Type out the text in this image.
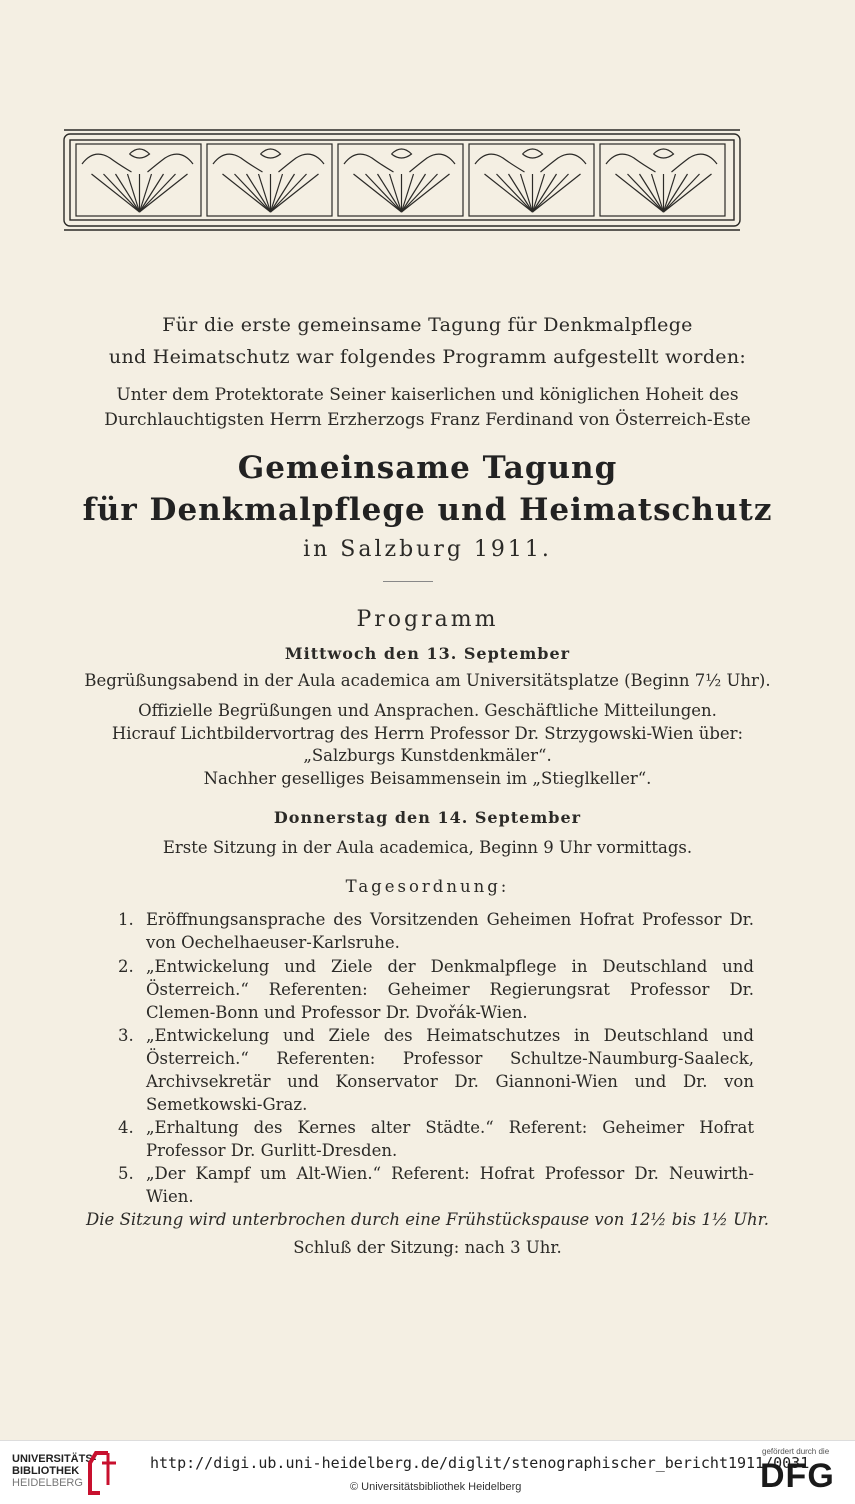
Für die erste gemeinsame Tagung für Denkmalpflege
und Heimatschutz war folgendes Programm aufgestellt worden:
Unter dem Protektorate Seiner kaiserlichen und königlichen Hoheit des
Durchlauchtigsten Herrn Erzherzogs Franz Ferdinand von Österreich-Este
Gemeinsame Tagung
für Denkmalpflege und Heimatschutz
in Salzburg 1911.
Programm
Mittwoch den 13. September
Begrüßungsabend in der Aula academica am Universitätsplatze (Beginn 7½ Uhr).
Offizielle Begrüßungen und Ansprachen. Geschäftliche Mitteilungen.
Hicrauf Lichtbildervortrag des Herrn Professor Dr. Strzygowski-Wien über:
„Salzburgs Kunstdenkmäler“.
Nachher geselliges Beisammensein im „Stieglkeller“.
Donnerstag den 14. September
Erste Sitzung in der Aula academica, Beginn 9 Uhr vormittags.
Tagesordnung:
1. Eröffnungsansprache des Vorsitzenden Geheimen Hofrat Professor Dr. von Oechelhaeuser-Karlsruhe.
2. „Entwickelung und Ziele der Denkmalpflege in Deutschland und Österreich.“ Referenten: Geheimer Regierungsrat Professor Dr. Clemen-Bonn und Professor Dr. Dvořák-Wien.
3. „Entwickelung und Ziele des Heimatschutzes in Deutschland und Österreich.“ Referenten: Professor Schultze-Naumburg-Saaleck, Archivsekretär und Konservator Dr. Giannoni-Wien und Dr. von Semetkowski-Graz.
4. „Erhaltung des Kernes alter Städte.“ Referent: Geheimer Hofrat Professor Dr. Gurlitt-Dresden.
5. „Der Kampf um Alt-Wien.“ Referent: Hofrat Professor Dr. Neuwirth-Wien.
Die Sitzung wird unterbrochen durch eine Frühstückspause von 12½ bis 1½ Uhr.
Schluß der Sitzung: nach 3 Uhr.
UNIVERSITÄTS-
BIBLIOTHEK
HEIDELBERG
http://digi.ub.uni-heidelberg.de/diglit/stenographischer_bericht1911/0031
© Universitätsbibliothek Heidelberg
gefördert durch die
DFG
